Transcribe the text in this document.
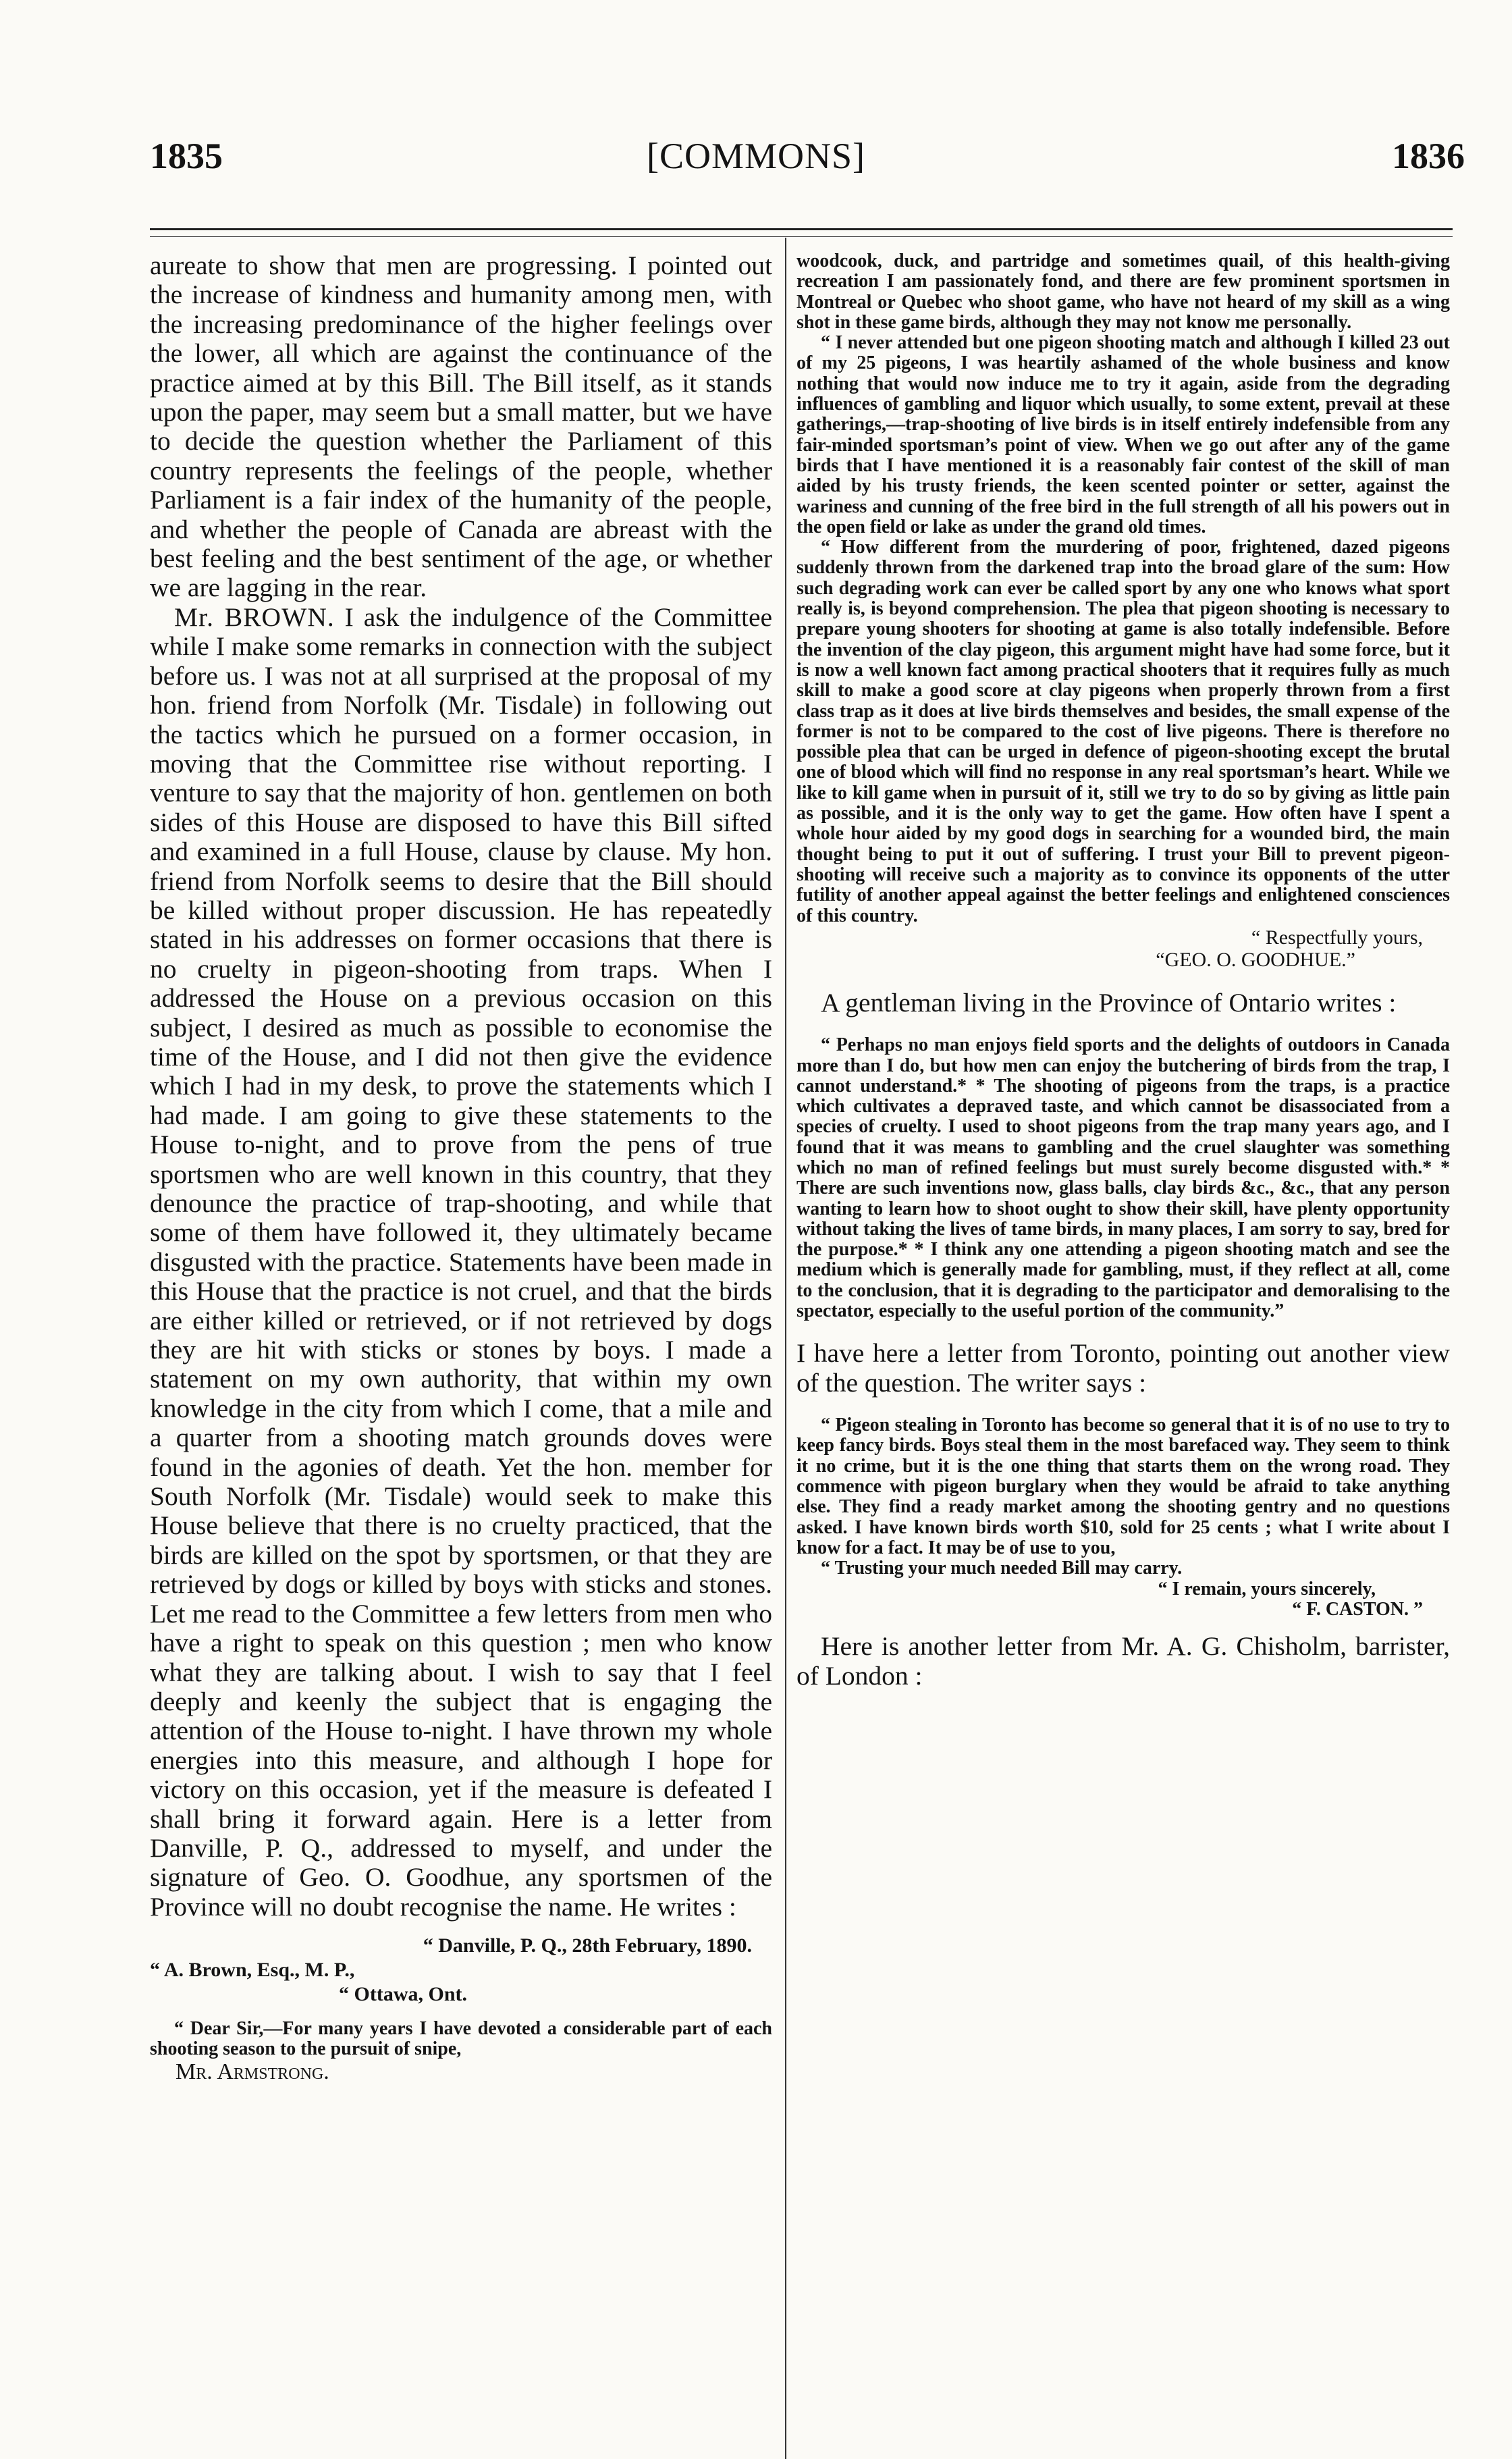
1835	[COMMONS]	1836

aureate to show that men are progressing. I pointed out the increase of kindness and humanity among men, with the increasing predominance of the higher feelings over the lower, all which are against the continuance of the practice aimed at by this Bill. The Bill itself, as it stands upon the paper, may seem but a small matter, but we have to decide the question whether the Parliament of this country represents the feelings of the people, whether Parliament is a fair index of the humanity of the people, and whether the people of Canada are abreast with the best feeling and the best sentiment of the age, or whether we are lagging in the rear.

Mr. BROWN. I ask the indulgence of the Committee while I make some remarks in connection with the subject before us. I was not at all surprised at the proposal of my hon. friend from Norfolk (Mr. Tisdale) in following out the tactics which he pursued on a former occasion, in moving that the Committee rise without reporting. I venture to say that the majority of hon. gentlemen on both sides of this House are disposed to have this Bill sifted and examined in a full House, clause by clause. My hon. friend from Norfolk seems to desire that the Bill should be killed without proper discussion. He has repeatedly stated in his addresses on former occasions that there is no cruelty in pigeon-shooting from traps. When I addressed the House on a previous occasion on this subject, I desired as much as possible to economise the time of the House, and I did not then give the evidence which I had in my desk, to prove the statements which I had made. I am going to give these statements to the House to-night, and to prove from the pens of true sportsmen who are well known in this country, that they denounce the practice of trap-shooting, and while that some of them have followed it, they ultimately became disgusted with the practice. Statements have been made in this House that the practice is not cruel, and that the birds are either killed or retrieved, or if not retrieved by dogs they are hit with sticks or stones by boys. I made a statement on my own authority, that within my own knowledge in the city from which I come, that a mile and a quarter from a shooting match grounds doves were found in the agonies of death. Yet the hon. member for South Norfolk (Mr. Tisdale) would seek to make this House believe that there is no cruelty practiced, that the birds are killed on the spot by sportsmen, or that they are retrieved by dogs or killed by boys with sticks and stones. Let me read to the Committee a few letters from men who have a right to speak on this question ; men who know what they are talking about. I wish to say that I feel deeply and keenly the subject that is engaging the attention of the House to-night. I have thrown my whole energies into this measure, and although I hope for victory on this occasion, yet if the measure is defeated I shall bring it forward again. Here is a letter from Danville, P. Q., addressed to myself, and under the signature of Geo. O. Goodhue, any sportsmen of the Province will no doubt recognise the name. He writes :

“ Danville, P. Q., 28th February, 1890.
“ A. Brown, Esq., M. P.,
“ Ottawa, Ont.

“ Dear Sir,—For many years I have devoted a considerable part of each shooting season to the pursuit of snipe,

Mr. Armstrong.

woodcook, duck, and partridge and sometimes quail, of this health-giving recreation I am passionately fond, and there are few prominent sportsmen in Montreal or Quebec who shoot game, who have not heard of my skill as a wing shot in these game birds, although they may not know me personally.

“ I never attended but one pigeon shooting match and although I killed 23 out of my 25 pigeons, I was heartily ashamed of the whole business and know nothing that would now induce me to try it again, aside from the degrading influences of gambling and liquor which usually, to some extent, prevail at these gatherings,—trap-shooting of live birds is in itself entirely indefensible from any fair-minded sportsman’s point of view. When we go out after any of the game birds that I have mentioned it is a reasonably fair contest of the skill of man aided by his trusty friends, the keen scented pointer or setter, against the wariness and cunning of the free bird in the full strength of all his powers out in the open field or lake as under the grand old times.

“ How different from the murdering of poor, frightened, dazed pigeons suddenly thrown from the darkened trap into the broad glare of the sum: How such degrading work can ever be called sport by any one who knows what sport really is, is beyond comprehension. The plea that pigeon shooting is necessary to prepare young shooters for shooting at game is also totally indefensible. Before the invention of the clay pigeon, this argument might have had some force, but it is now a well known fact among practical shooters that it requires fully as much skill to make a good score at clay pigeons when properly thrown from a first class trap as it does at live birds themselves and besides, the small expense of the former is not to be compared to the cost of live pigeons. There is therefore no possible plea that can be urged in defence of pigeon-shooting except the brutal one of blood which will find no response in any real sportsman’s heart. While we like to kill game when in pursuit of it, still we try to do so by giving as little pain as possible, and it is the only way to get the game. How often have I spent a whole hour aided by my good dogs in searching for a wounded bird, the main thought being to put it out of suffering. I trust your Bill to prevent pigeon-shooting will receive such a majority as to convince its opponents of the utter futility of another appeal against the better feelings and enlightened consciences of this country.

“ Respectfully yours,
“GEO. O. GOODHUE.”

A gentleman living in the Province of Ontario writes :

“ Perhaps no man enjoys field sports and the delights of outdoors in Canada more than I do, but how men can enjoy the butchering of birds from the trap, I cannot understand.* * The shooting of pigeons from the traps, is a practice which cultivates a depraved taste, and which cannot be disassociated from a species of cruelty. I used to shoot pigeons from the trap many years ago, and I found that it was means to gambling and the cruel slaughter was something which no man of refined feelings but must surely become disgusted with.* * There are such inventions now, glass balls, clay birds &c., &c., that any person wanting to learn how to shoot ought to show their skill, have plenty opportunity without taking the lives of tame birds, in many places, I am sorry to say, bred for the purpose.* * I think any one attending a pigeon shooting match and see the medium which is generally made for gambling, must, if they reflect at all, come to the conclusion, that it is degrading to the participator and demoralising to the spectator, especially to the useful portion of the community.”

I have here a letter from Toronto, pointing out another view of the question. The writer says :

“ Pigeon stealing in Toronto has become so general that it is of no use to try to keep fancy birds. Boys steal them in the most barefaced way. They seem to think it no crime, but it is the one thing that starts them on the wrong road. They commence with pigeon burglary when they would be afraid to take anything else. They find a ready market among the shooting gentry and no questions asked. I have known birds worth $10, sold for 25 cents ; what I write about I know for a fact. It may be of use to you,

“ Trusting your much needed Bill may carry.

“ I remain, yours sincerely,
“ F. CASTON. ”

Here is another letter from Mr. A. G. Chisholm, barrister, of London :
